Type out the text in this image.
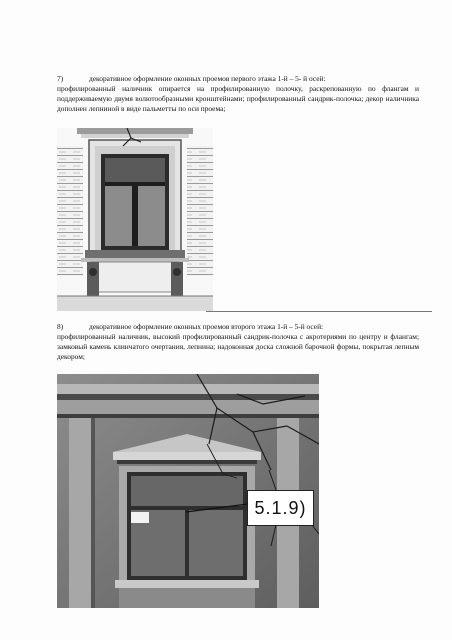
7)	декоративное оформление оконных проемов первого этажа 1-й – 5- й осей:
профилированный наличник опирается на профилированную полочку, раскрепованную по флангам и поддерживаемую двумя волютообразными кронштейнами; профилированный сандрик-полочка; декор наличника дополнен лепниной в виде пальметты по оси проема;
8)	декоративное оформление оконных проемов второго этажа 1-й – 5-й осей:
профилированный наличник, высокий профилированный сандрик-полочка с акротериями по центру и флангам; замковый камень клинчатого очертания, лепнина; надоконная доска сложной барочной формы, покрытая лепным декором;
5.1.9)
